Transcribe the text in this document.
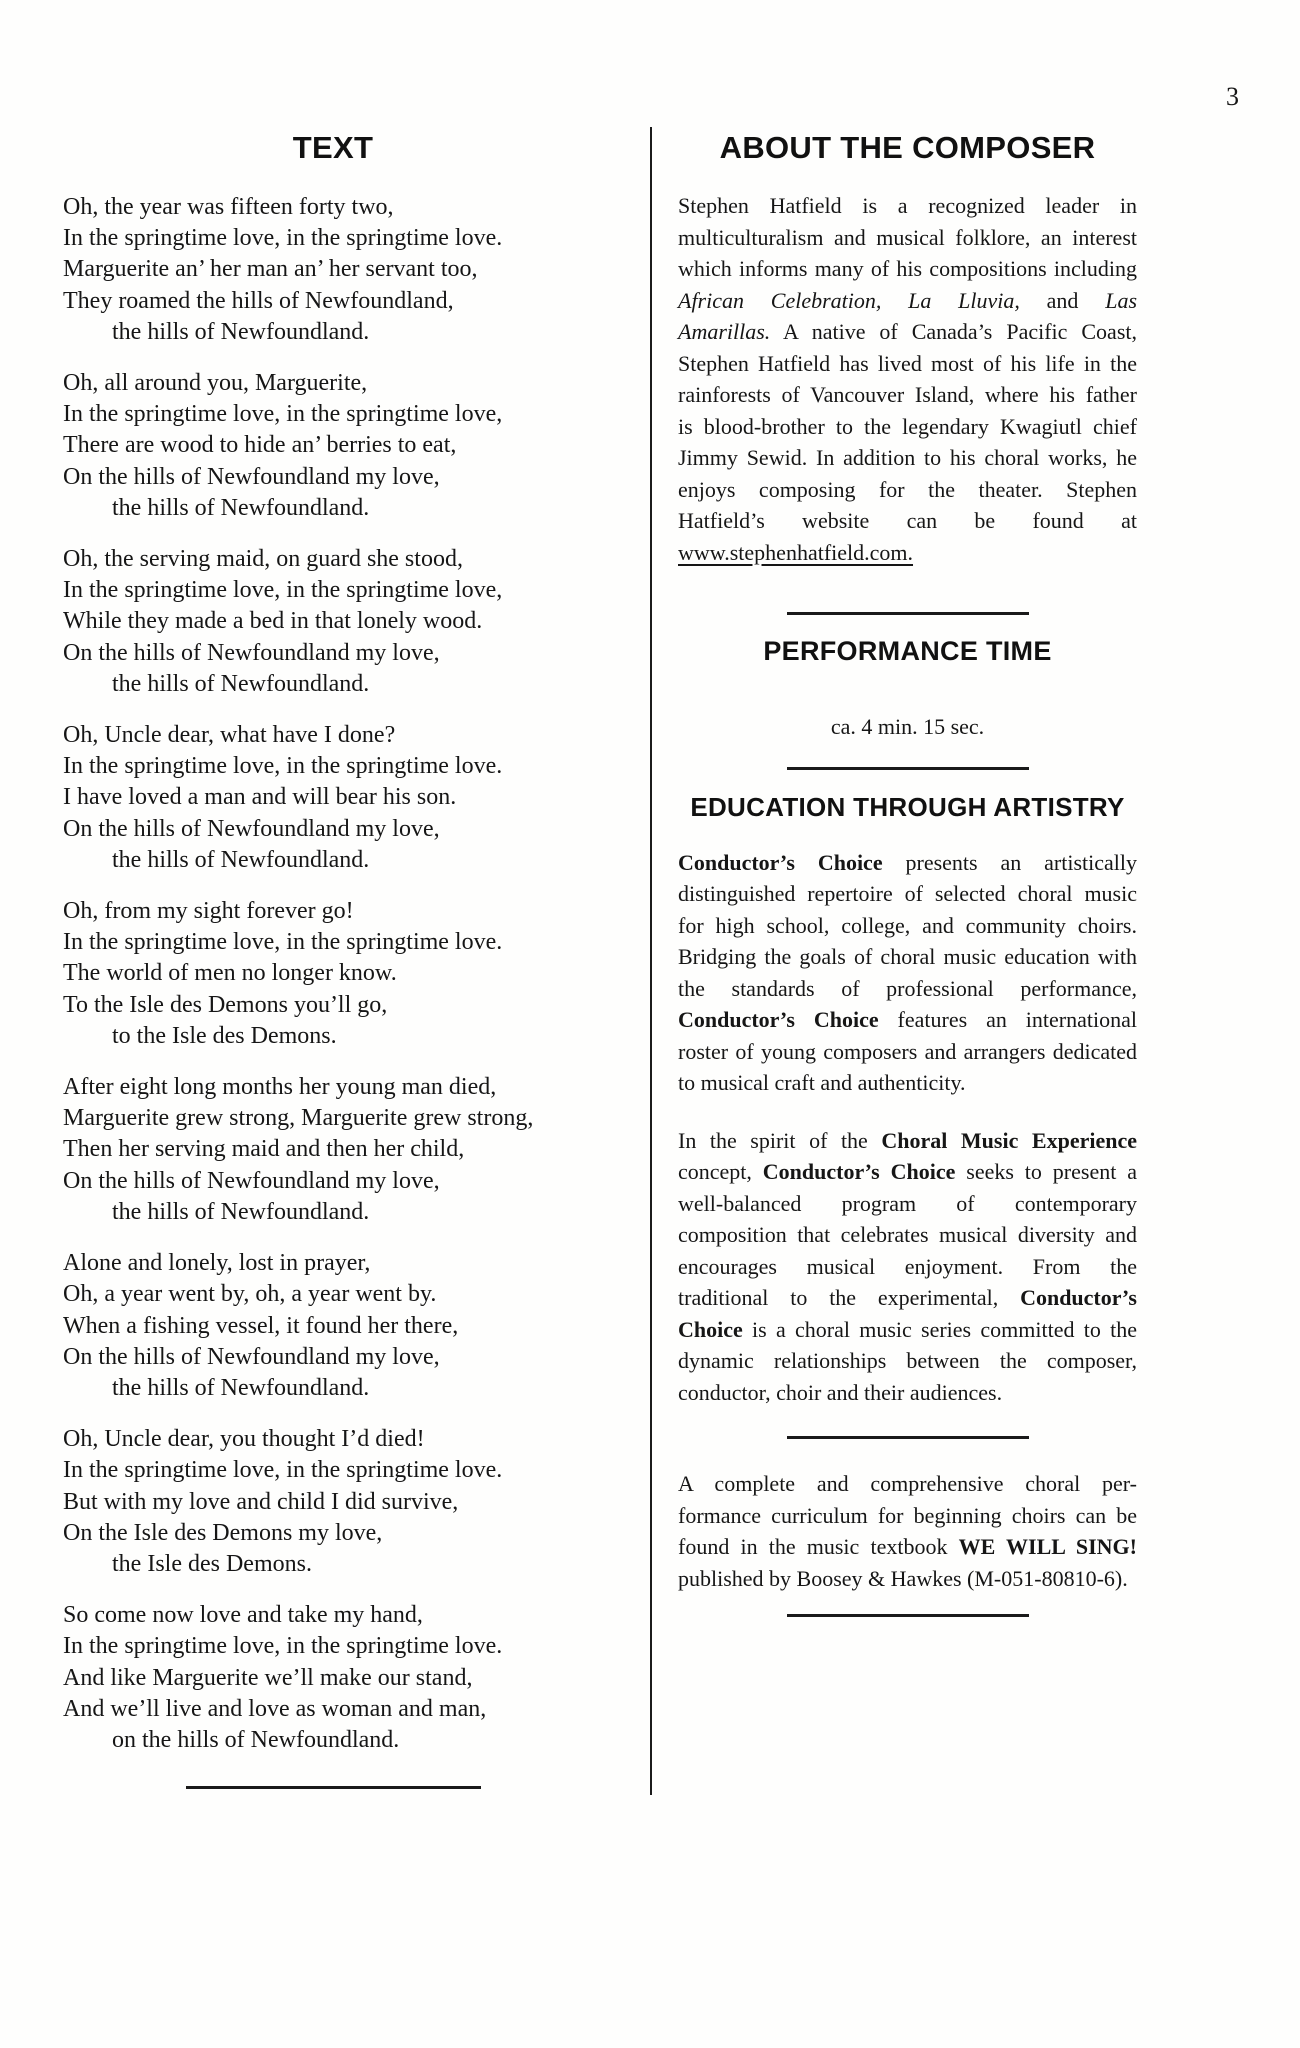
3
TEXT
Oh, the year was fifteen forty two,
In the springtime love, in the springtime love.
Marguerite an’ her man an’ her servant too,
They roamed the hills of Newfoundland,
the hills of Newfoundland.
Oh, all around you, Marguerite,
In the springtime love, in the springtime love,
There are wood to hide an’ berries to eat,
On the hills of Newfoundland my love,
the hills of Newfoundland.
Oh, the serving maid, on guard she stood,
In the springtime love, in the springtime love,
While they made a bed in that lonely wood.
On the hills of Newfoundland my love,
the hills of Newfoundland.
Oh, Uncle dear, what have I done?
In the springtime love, in the springtime love.
I have loved a man and will bear his son.
On the hills of Newfoundland my love,
the hills of Newfoundland.
Oh, from my sight forever go!
In the springtime love, in the springtime love.
The world of men no longer know.
To the Isle des Demons you’ll go,
to the Isle des Demons.
After eight long months her young man died,
Marguerite grew strong, Marguerite grew strong,
Then her serving maid and then her child,
On the hills of Newfoundland my love,
the hills of Newfoundland.
Alone and lonely, lost in prayer,
Oh, a year went by, oh, a year went by.
When a fishing vessel, it found her there,
On the hills of Newfoundland my love,
the hills of Newfoundland.
Oh, Uncle dear, you thought I’d died!
In the springtime love, in the springtime love.
But with my love and child I did survive,
On the Isle des Demons my love,
the Isle des Demons.
So come now love and take my hand,
In the springtime love, in the springtime love.
And like Marguerite we’ll make our stand,
And we’ll live and love as woman and man,
on the hills of Newfoundland.
ABOUT THE COMPOSER
Stephen Hatfield is a recognized leader in
multiculturalism and musical folklore, an interest
which informs many of his compositions including
African Celebration, La Lluvia, and Las
Amarillas. A native of Canada’s Pacific Coast,
Stephen Hatfield has lived most of his life in the
rainforests of Vancouver Island, where his father
is blood-brother to the legendary Kwagiutl chief
Jimmy Sewid. In addition to his choral works, he
enjoys composing for the theater. Stephen
Hatfield’s website can be found at
www.stephenhatfield.com.
PERFORMANCE TIME
ca. 4 min. 15 sec.
EDUCATION THROUGH ARTISTRY
Conductor’s Choice presents an artistically
distinguished repertoire of selected choral music
for high school, college, and community choirs.
Bridging the goals of choral music education with
the standards of professional performance,
Conductor’s Choice features an international
roster of young composers and arrangers dedicated
to musical craft and authenticity.
In the spirit of the Choral Music Experience
concept, Conductor’s Choice seeks to present a
well-balanced program of contemporary
composition that celebrates musical diversity and
encourages musical enjoyment. From the
traditional to the experimental, Conductor’s
Choice is a choral music series committed to the
dynamic relationships between the composer,
conductor, choir and their audiences.
A complete and comprehensive choral per-
formance curriculum for beginning choirs can be
found in the music textbook WE WILL SING!
published by Boosey & Hawkes (M-051-80810-6).
